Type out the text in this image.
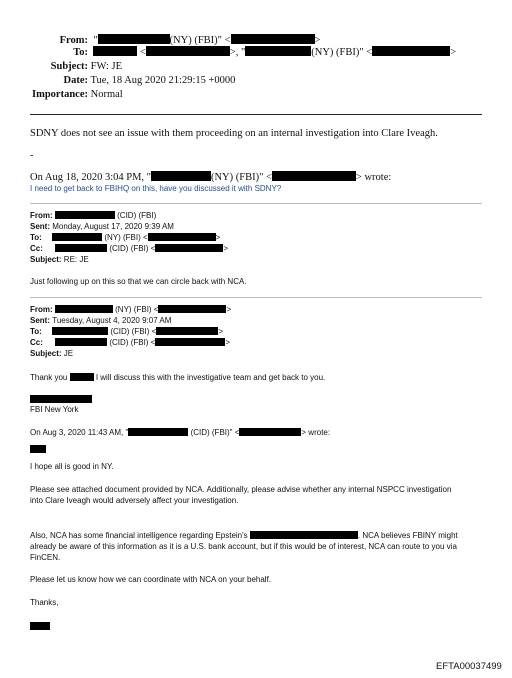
From:  "	(NY) (FBI)" <	>
To:	<	>, "	(NY) (FBI)" <	>
Subject: FW: JE
Date: Tue, 18 Aug 2020 21:29:15 +0000
Importance: Normal
SDNY does not see an issue with them proceeding on an internal investigation into Clare Iveagh.
-
On Aug 18, 2020 3:04 PM, "	(NY) (FBI)" <	> wrote:
I need to get back to FBIHQ on this, have you discussed it with SDNY?
From:	(CID) (FBI)
Sent: Monday, August 17, 2020 9:39 AM
To:	(NY) (FBI) <	>
Cc:	(CID) (FBI) <	>
Subject: RE: JE
Just following up on this so that we can circle back with NCA.
From:	(NY) (FBI) <	>
Sent: Tuesday, August 4, 2020 9:07 AM
To:	(CID) (FBI) <	>
Cc:	(CID) (FBI) <	>
Subject: JE
Thank you	I will discuss this with the investigative team and get back to you.
FBI New York
On Aug 3, 2020 11:43 AM, "	(CID) (FBI)" <	> wrote:
I hope all is good in NY.
Please see attached document provided by NCA. Additionally, please advise whether any internal NSPCC investigation
into Clare Iveagh would adversely affect your investigation.
Also, NCA has some financial intelligence regarding Epstein's	. NCA believes FBINY might
already be aware of this information as it is a U.S. bank account, but if this would be of interest, NCA can route to you via
FinCEN.
Please let us know how we can coordinate with NCA on your behalf.
Thanks,
EFTA00037499
